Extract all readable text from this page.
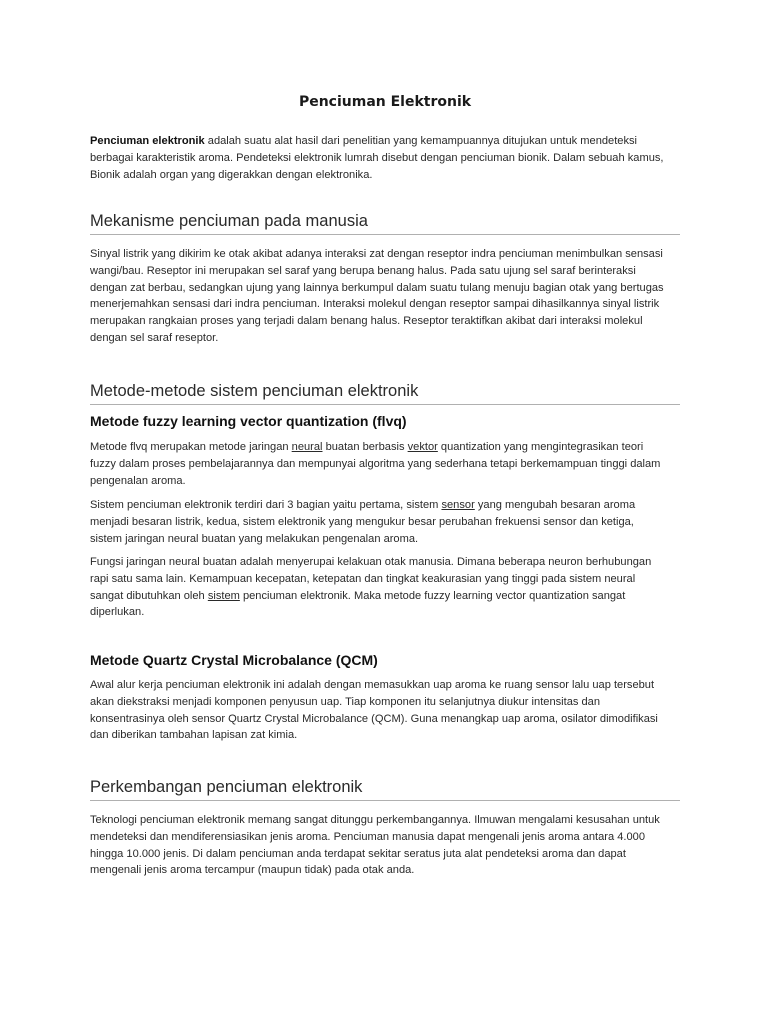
Penciuman Elektronik

Penciuman elektronik adalah suatu alat hasil dari penelitian yang kemampuannya ditujukan untuk mendeteksi
berbagai karakteristik aroma. Pendeteksi elektronik lumrah disebut dengan penciuman bionik. Dalam sebuah kamus,
Bionik adalah organ yang digerakkan dengan elektronika.

Mekanisme penciuman pada manusia

Sinyal listrik yang dikirim ke otak akibat adanya interaksi zat dengan reseptor indra penciuman menimbulkan sensasi
wangi/bau. Reseptor ini merupakan sel saraf yang berupa benang halus. Pada satu ujung sel saraf berinteraksi
dengan zat berbau, sedangkan ujung yang lainnya berkumpul dalam suatu tulang menuju bagian otak yang bertugas
menerjemahkan sensasi dari indra penciuman. Interaksi molekul dengan reseptor sampai dihasilkannya sinyal listrik
merupakan rangkaian proses yang terjadi dalam benang halus. Reseptor teraktifkan akibat dari interaksi molekul
dengan sel saraf reseptor.

Metode-metode sistem penciuman elektronik
Metode fuzzy learning vector quantization (flvq)

Metode flvq merupakan metode jaringan neural buatan berbasis vektor quantization yang mengintegrasikan teori
fuzzy dalam proses pembelajarannya dan mempunyai algoritma yang sederhana tetapi berkemampuan tinggi dalam
pengenalan aroma.

Sistem penciuman elektronik terdiri dari 3 bagian yaitu pertama, sistem sensor yang mengubah besaran aroma
menjadi besaran listrik, kedua, sistem elektronik yang mengukur besar perubahan frekuensi sensor dan ketiga,
sistem jaringan neural buatan yang melakukan pengenalan aroma.

Fungsi jaringan neural buatan adalah menyerupai kelakuan otak manusia. Dimana beberapa neuron berhubungan
rapi satu sama lain. Kemampuan kecepatan, ketepatan dan tingkat keakurasian yang tinggi pada sistem neural
sangat dibutuhkan oleh sistem penciuman elektronik. Maka metode fuzzy learning vector quantization sangat
diperlukan.

Metode Quartz Crystal Microbalance (QCM)

Awal alur kerja penciuman elektronik ini adalah dengan memasukkan uap aroma ke ruang sensor lalu uap tersebut
akan diekstraksi menjadi komponen penyusun uap. Tiap komponen itu selanjutnya diukur intensitas dan
konsentrasinya oleh sensor Quartz Crystal Microbalance (QCM). Guna menangkap uap aroma, osilator dimodifikasi
dan diberikan tambahan lapisan zat kimia.

Perkembangan penciuman elektronik

Teknologi penciuman elektronik memang sangat ditunggu perkembangannya. Ilmuwan mengalami kesusahan untuk
mendeteksi dan mendiferensiasikan jenis aroma. Penciuman manusia dapat mengenali jenis aroma antara 4.000
hingga 10.000 jenis. Di dalam penciuman anda terdapat sekitar seratus juta alat pendeteksi aroma dan dapat
mengenali jenis aroma tercampur (maupun tidak) pada otak anda.
